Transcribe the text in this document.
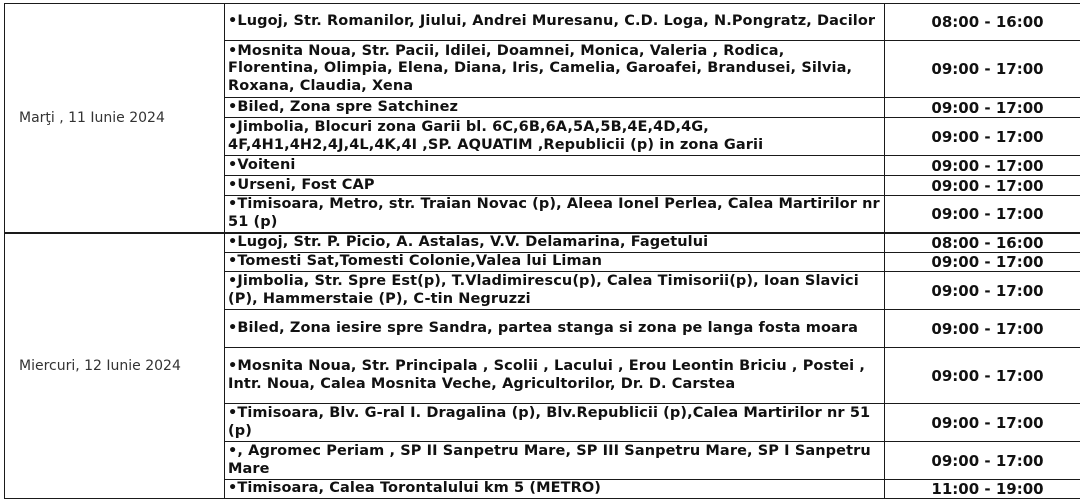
Marţi , 11 Iunie 2024	•Lugoj, Str. Romanilor, Jiului, Andrei Muresanu, C.D. Loga, N.Pongratz, Dacilor	08:00 - 16:00
	•Mosnita Noua, Str. Pacii, Idilei, Doamnei, Monica, Valeria , Rodica, Florentina, Olimpia, Elena, Diana, Iris, Camelia, Garoafei, Brandusei, Silvia, Roxana, Claudia, Xena	09:00 - 17:00
	•Biled, Zona spre Satchinez	09:00 - 17:00
	•Jimbolia, Blocuri zona Garii bl. 6C,6B,6A,5A,5B,4E,4D,4G, 4F,4H1,4H2,4J,4L,4K,4I ,SP. AQUATIM ,Republicii (p) in zona Garii	09:00 - 17:00
	•Voiteni	09:00 - 17:00
	•Urseni, Fost CAP	09:00 - 17:00
	•Timisoara, Metro, str. Traian Novac (p), Aleea Ionel Perlea, Calea Martirilor nr 51 (p)	09:00 - 17:00
Miercuri, 12 Iunie 2024	•Lugoj, Str. P. Picio, A. Astalas, V.V. Delamarina, Fagetului	08:00 - 16:00
	•Tomesti Sat,Tomesti Colonie,Valea lui Liman	09:00 - 17:00
	•Jimbolia, Str. Spre Est(p), T.Vladimirescu(p), Calea Timisorii(p), Ioan Slavici (P), Hammerstaie (P), C-tin Negruzzi	09:00 - 17:00
	•Biled, Zona iesire spre Sandra, partea stanga si zona pe langa fosta moara	09:00 - 17:00
	•Mosnita Noua, Str. Principala , Scolii , Lacului , Erou Leontin Briciu , Postei , Intr. Noua, Calea Mosnita Veche, Agricultorilor, Dr. D. Carstea	09:00 - 17:00
	•Timisoara, Blv. G-ral I. Dragalina (p), Blv.Republicii (p),Calea Martirilor nr 51 (p)	09:00 - 17:00
	•, Agromec Periam , SP II Sanpetru Mare, SP III Sanpetru Mare, SP I Sanpetru Mare	09:00 - 17:00
	•Timisoara, Calea Torontalului km 5 (METRO)	11:00 - 19:00
